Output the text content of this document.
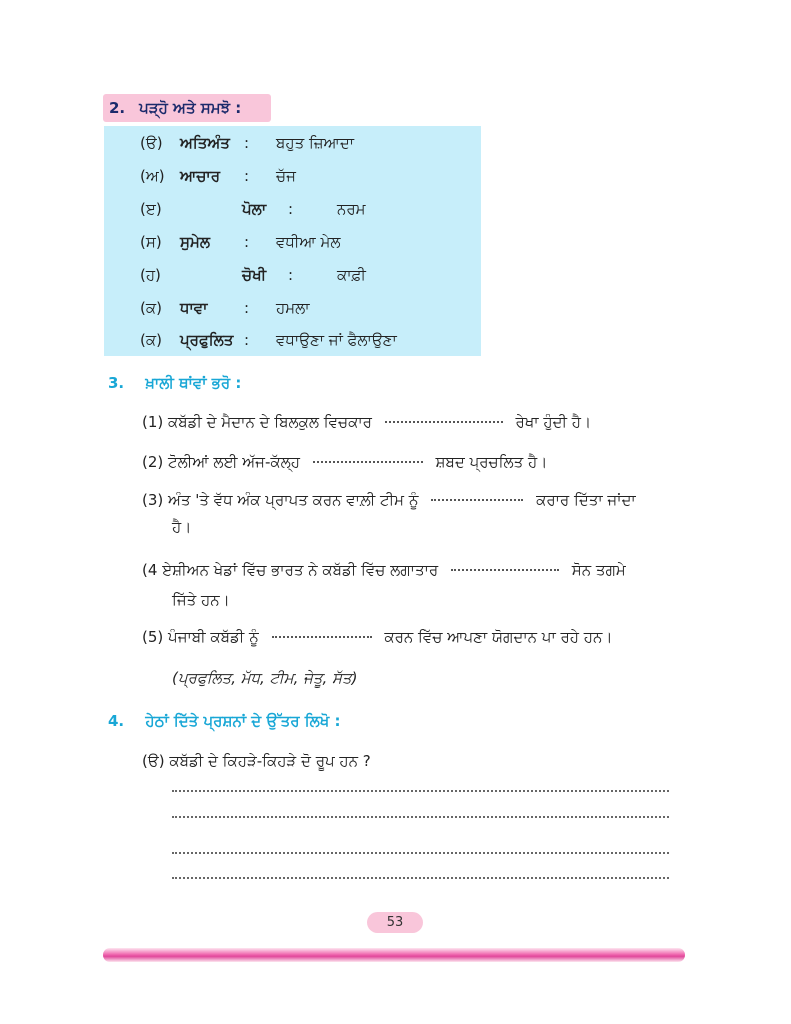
2. ਪੜ੍ਹੋ ਅਤੇ ਸਮਝੋ :
(ੳ) ਅਤਿਅੰਤ : ਬਹੁਤ ਜ਼ਿਆਦਾ
(ਅ) ਆਚਾਰ : ਚੱਜ
(ੲ)	ਪੋਲਾ :	ਨਰਮ
(ਸ) ਸੁਮੇਲ : ਵਧੀਆ ਮੇਲ
(ਹ)	ਚੋਖੀ :	ਕਾਫ਼ੀ
(ਕ) ਧਾਵਾ : ਹਮਲਾ
(ਕ) ਪ੍ਰਫੁਲਿਤ : ਵਧਾਉਣਾ ਜਾਂ ਫੈਲਾਉਣਾ
3. ਖ਼ਾਲੀ ਥਾਂਵਾਂ ਭਰੋ :
(1) ਕਬੱਡੀ ਦੇ ਮੈਦਾਨ ਦੇ ਬਿਲਕੁਲ ਵਿਚਕਾਰ	ਰੇਖਾ ਹੁੰਦੀ ਹੈ।
(2) ਟੋਲੀਆਂ ਲਈ ਅੱਜ-ਕੱਲ੍ਹ	ਸ਼ਬਦ ਪ੍ਰਚਲਿਤ ਹੈ।
(3) ਅੰਤ 'ਤੇ ਵੱਧ ਅੰਕ ਪ੍ਰਾਪਤ ਕਰਨ ਵਾਲ਼ੀ ਟੀਮ ਨੂੰ	ਕਰਾਰ ਦਿੱਤਾ ਜਾਂਦਾ
ਹੈ।
(4 ਏਸ਼ੀਅਨ ਖੇਡਾਂ ਵਿੱਚ ਭਾਰਤ ਨੇ ਕਬੱਡੀ ਵਿੱਚ ਲਗਾਤਾਰ	ਸੋਨ ਤਗਮੇ
ਜਿੱਤੇ ਹਨ।
(5) ਪੰਜਾਬੀ ਕਬੱਡੀ ਨੂੰ	ਕਰਨ ਵਿੱਚ ਆਪਣਾ ਯੋਗਦਾਨ ਪਾ ਰਹੇ ਹਨ।
(ਪ੍ਰਫੁਲਿਤ, ਮੱਧ, ਟੀਮ, ਜੇਤੂ, ਸੱਤ)
4. ਹੇਠਾਂ ਦਿੱਤੇ ਪ੍ਰਸ਼ਨਾਂ ਦੇ ਉੱਤਰ ਲਿਖੋ :
(ੳ) ਕਬੱਡੀ ਦੇ ਕਿਹੜੇ-ਕਿਹੜੇ ਦੋ ਰੂਪ ਹਨ ?
53
